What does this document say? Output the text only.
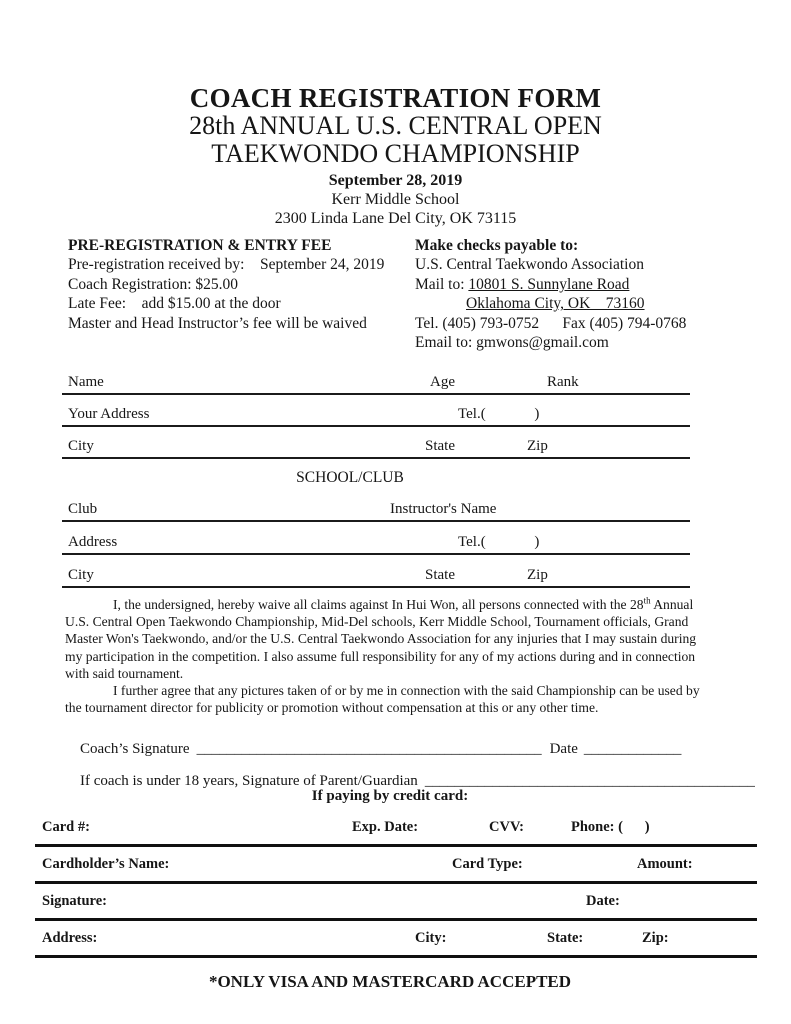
COACH REGISTRATION FORM
28th ANNUAL U.S. CENTRAL OPEN
TAEKWONDO CHAMPIONSHIP
September 28, 2019
Kerr Middle School
2300 Linda Lane Del City, OK 73115
PRE-REGISTRATION & ENTRY FEE
Pre-registration received by:    September 24, 2019
Coach Registration: $25.00
Late Fee:    add $15.00 at the door
Master and Head Instructor’s fee will be waived
Make checks payable to:
U.S. Central Taekwondo Association
Mail to: 10801 S. Sunnylane Road
Oklahoma City, OK    73160
Tel. (405) 793-0752      Fax (405) 794-0768
Email to: gmwons@gmail.com
Name	Age	Rank
Your Address	Tel.(             )
City	State	Zip
SCHOOL/CLUB
Club	Instructor's Name
Address	Tel.(             )
City	State	Zip

I, the undersigned, hereby waive all claims against In Hui Won, all persons connected with the 28th Annual U.S. Central Open Taekwondo Championship, Mid-Del schools, Kerr Middle School, Tournament officials, Grand Master Won's Taekwondo, and/or the U.S. Central Taekwondo Association for any injuries that I may sustain during my participation in the competition. I also assume full responsibility for any of my actions during and in connection with said tournament.

I further agree that any pictures taken of or by me in connection with the said Championship can be used by the tournament director for publicity or promotion without compensation at this or any other time.

Coach’s Signature ______________________________________________ Date _____________

If coach is under 18 years, Signature of Parent/Guardian ____________________________________________

If paying by credit card:
Card #:	Exp. Date:	CVV:	Phone: (      )
Cardholder’s Name:	Card Type:	Amount:
Signature:	Date:
Address:	City:	State:	Zip:
*ONLY VISA AND MASTERCARD ACCEPTED
